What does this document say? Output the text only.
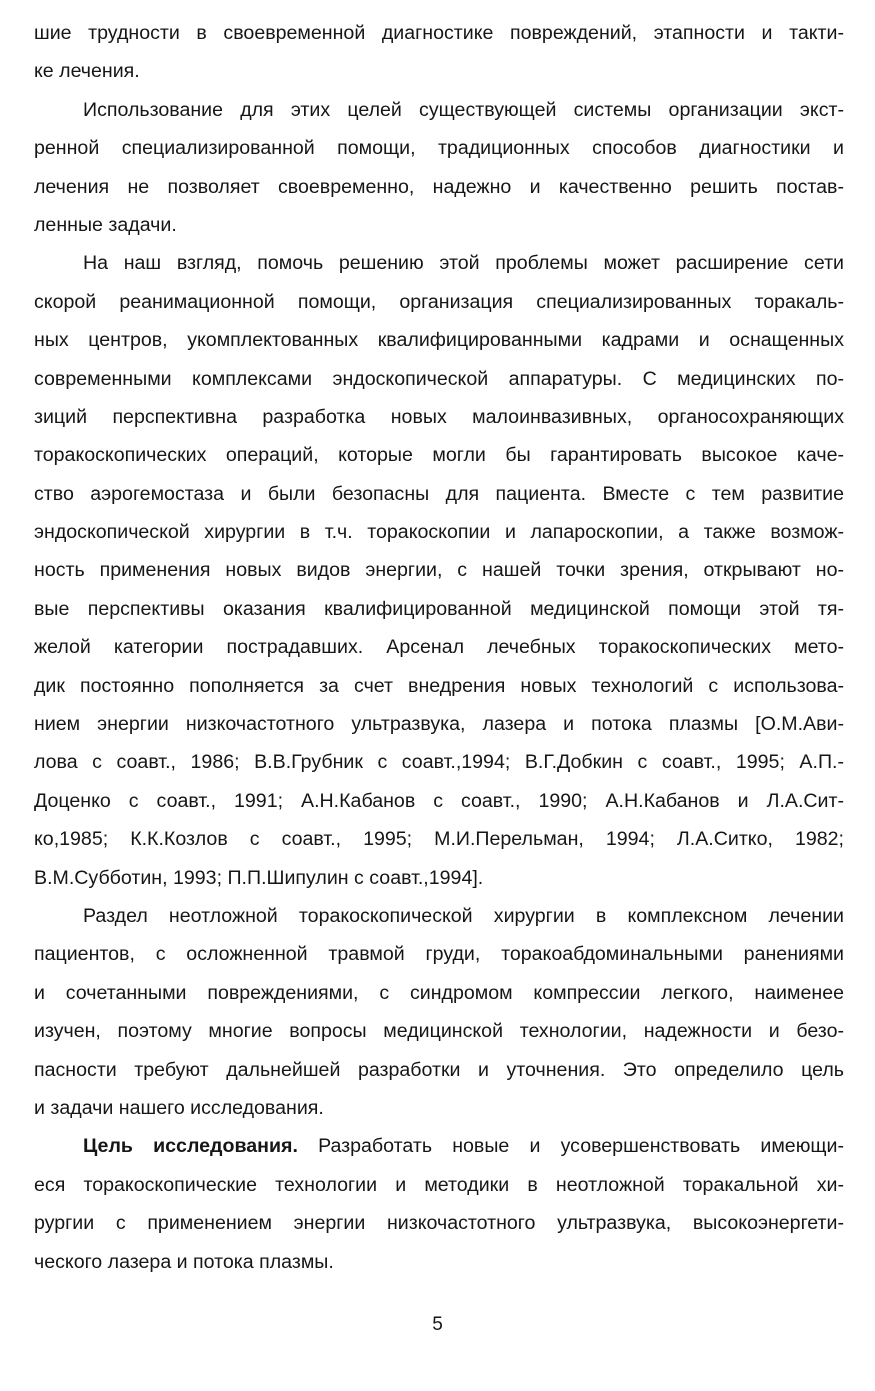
шие трудности в своевременной диагностике повреждений, этапности и такти-
ке лечения.
Использование для этих целей существующей системы организации экст-
ренной специализированной помощи, традиционных способов диагностики и
лечения не позволяет своевременно, надежно и качественно решить постав-
ленные задачи.
На наш взгляд, помочь решению этой проблемы может расширение сети
скорой реанимационной помощи, организация специализированных торакаль-
ных центров, укомплектованных квалифицированными кадрами и оснащенных
современными комплексами эндоскопической аппаратуры. С медицинских по-
зиций перспективна разработка новых малоинвазивных, органосохраняющих
торакоскопических операций, которые могли бы гарантировать высокое каче-
ство аэрогемостаза и были безопасны для пациента. Вместе с тем развитие
эндоскопической хирургии в т.ч. торакоскопии и лапароскопии, а также возмож-
ность применения новых видов энергии, с нашей точки зрения, открывают но-
вые перспективы оказания квалифицированной медицинской помощи этой тя-
желой категории пострадавших. Арсенал лечебных торакоскопических мето-
дик постоянно пополняется за счет внедрения новых технологий с использова-
нием энергии низкочастотного ультразвука, лазера и потока плазмы [О.М.Ави-
лова с соавт., 1986; В.В.Грубник с соавт.,1994; В.Г.Добкин с соавт., 1995; А.П.-
Доценко с соавт., 1991; А.Н.Кабанов с соавт., 1990; А.Н.Кабанов и Л.А.Сит-
ко,1985; К.К.Козлов с соавт., 1995; М.И.Перельман, 1994; Л.А.Ситко, 1982;
В.М.Субботин, 1993; П.П.Шипулин с соавт.,1994].
Раздел неотложной торакоскопической хирургии в комплексном лечении
пациентов, с осложненной травмой груди, торакоабдоминальными ранениями
и сочетанными повреждениями, с синдромом компрессии легкого, наименее
изучен, поэтому многие вопросы медицинской технологии, надежности и безо-
пасности требуют дальнейшей разработки и уточнения. Это определило цель
и задачи нашего исследования.
Цель исследования. Разработать новые и усовершенствовать имеющи-
еся торакоскопические технологии и методики в неотложной торакальной хи-
рургии с применением энергии низкочастотного ультразвука, высокоэнергети-
ческого лазера и потока плазмы.
5
